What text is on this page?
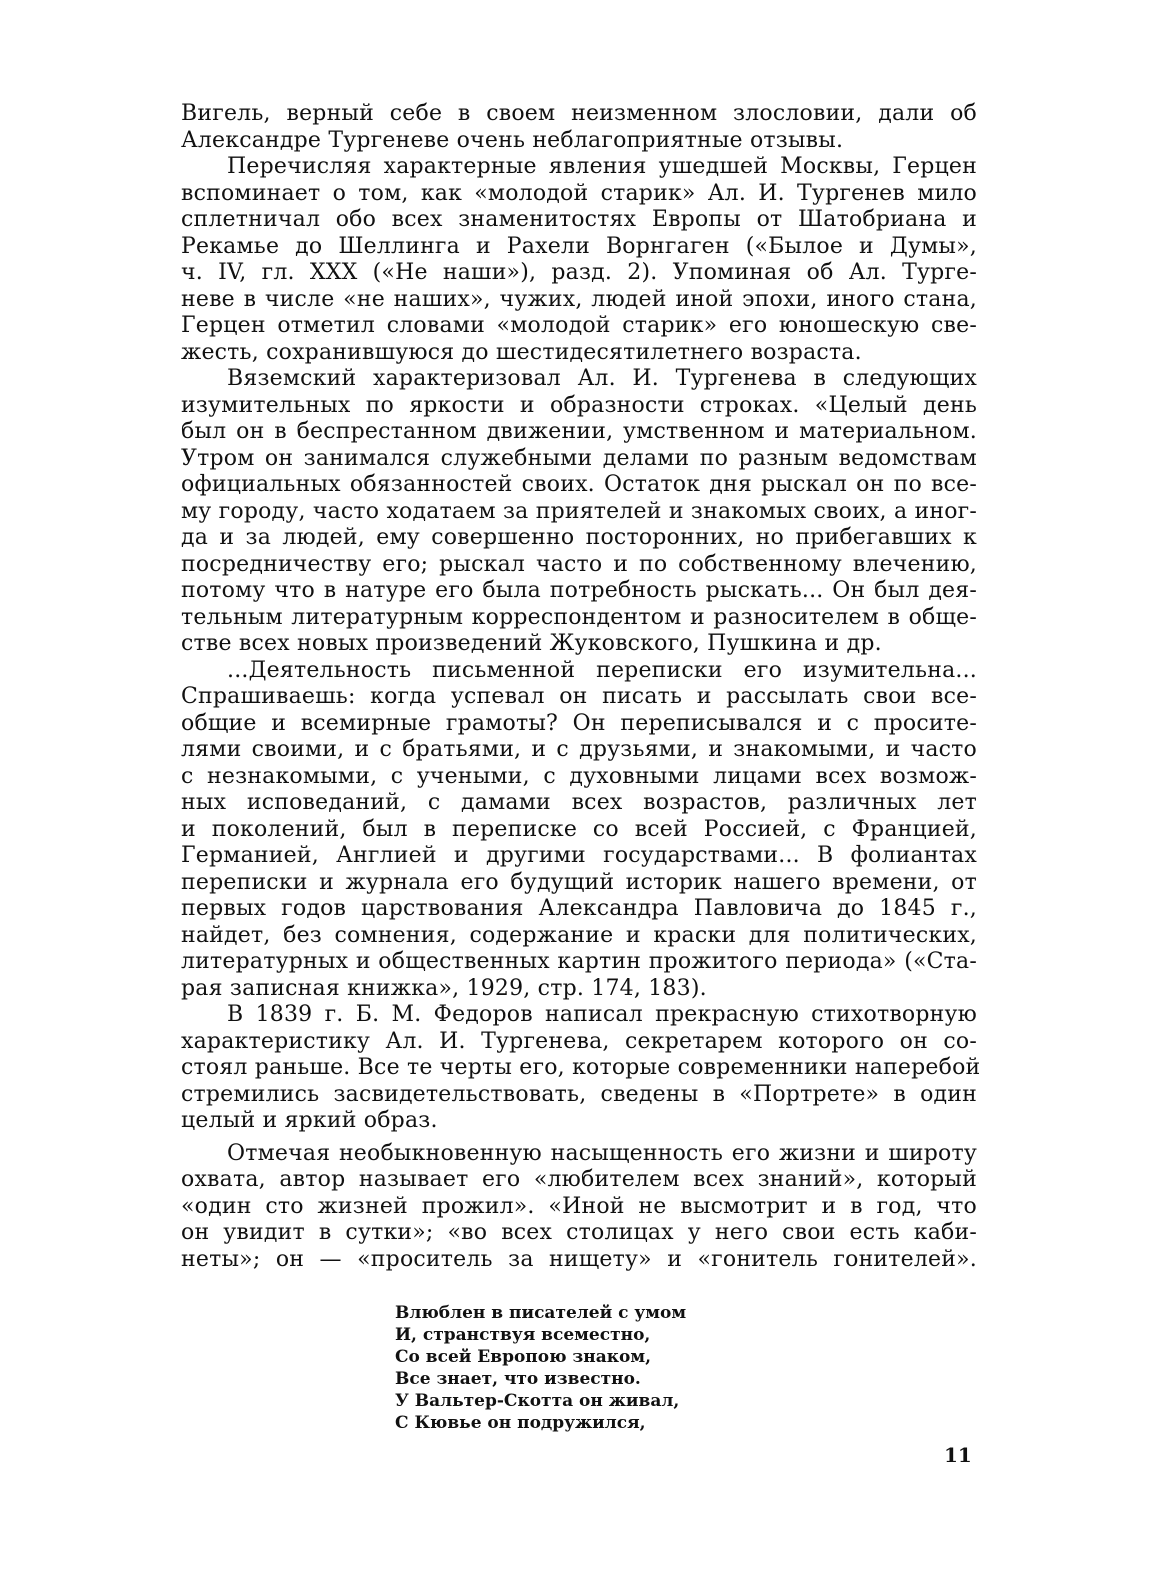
Вигель, верный себе в своем неизменном злословии, дали об
Александре Тургеневе очень неблагоприятные отзывы.
Перечисляя характерные явления ушедшей Москвы, Герцен
вспоминает о том, как «молодой старик» Ал. И. Тургенев мило
сплетничал обо всех знаменитостях Европы от Шатобриана и
Рекамье до Шеллинга и Рахели Ворнгаген («Былое и Думы»,
ч. IV, гл. XXX («Не наши»), разд. 2). Упоминая об Ал. Турге-
неве в числе «не наших», чужих, людей иной эпохи, иного стана,
Герцен отметил словами «молодой старик» его юношескую све-
жесть, сохранившуюся до шестидесятилетнего возраста.
Вяземский характеризовал Ал. И. Тургенева в следующих
изумительных по яркости и образности строках. «Целый день
был он в беспрестанном движении, умственном и материальном.
Утром он занимался служебными делами по разным ведомствам
официальных обязанностей своих. Остаток дня рыскал он по все-
му городу, часто ходатаем за приятелей и знакомых своих, а иног-
да и за людей, ему совершенно посторонних, но прибегавших к
посредничеству его; рыскал часто и по собственному влечению,
потому что в натуре его была потребность рыскать... Он был дея-
тельным литературным корреспондентом и разносителем в обще-
стве всех новых произведений Жуковского, Пушкина и др.
...Деятельность письменной переписки его изумительна...
Спрашиваешь: когда успевал он писать и рассылать свои все-
общие и всемирные грамоты? Он переписывался и с просите-
лями своими, и с братьями, и с друзьями, и знакомыми, и часто
с незнакомыми, с учеными, с духовными лицами всех возмож-
ных исповеданий, с дамами всех возрастов, различных лет
и поколений, был в переписке со всей Россией, с Францией,
Германией, Англией и другими государствами... В фолиантах
переписки и журнала его будущий историк нашего времени, от
первых годов царствования Александра Павловича до 1845 г.,
найдет, без сомнения, содержание и краски для политических,
литературных и общественных картин прожитого периода» («Ста-
рая записная книжка», 1929, стр. 174, 183).
В 1839 г. Б. М. Федоров написал прекрасную стихотворную
характеристику Ал. И. Тургенева, секретарем которого он со-
стоял раньше. Все те черты его, которые современники наперебой
стремились засвидетельствовать, сведены в «Портрете» в один
целый и яркий образ.
Отмечая необыкновенную насыщенность его жизни и широту
охвата, автор называет его «любителем всех знаний», который
«один сто жизней прожил». «Иной не высмотрит и в год, что
он увидит в сутки»; «во всех столицах у него свои есть каби-
неты»; он — «проситель за нищету» и «гонитель гонителей».
Влюблен в писателей с умом
И, странствуя всеместно,
Со всей Европою знаком,
Все знает, что известно.
У Вальтер-Скотта он живал,
С Кювье он подружился,
11
